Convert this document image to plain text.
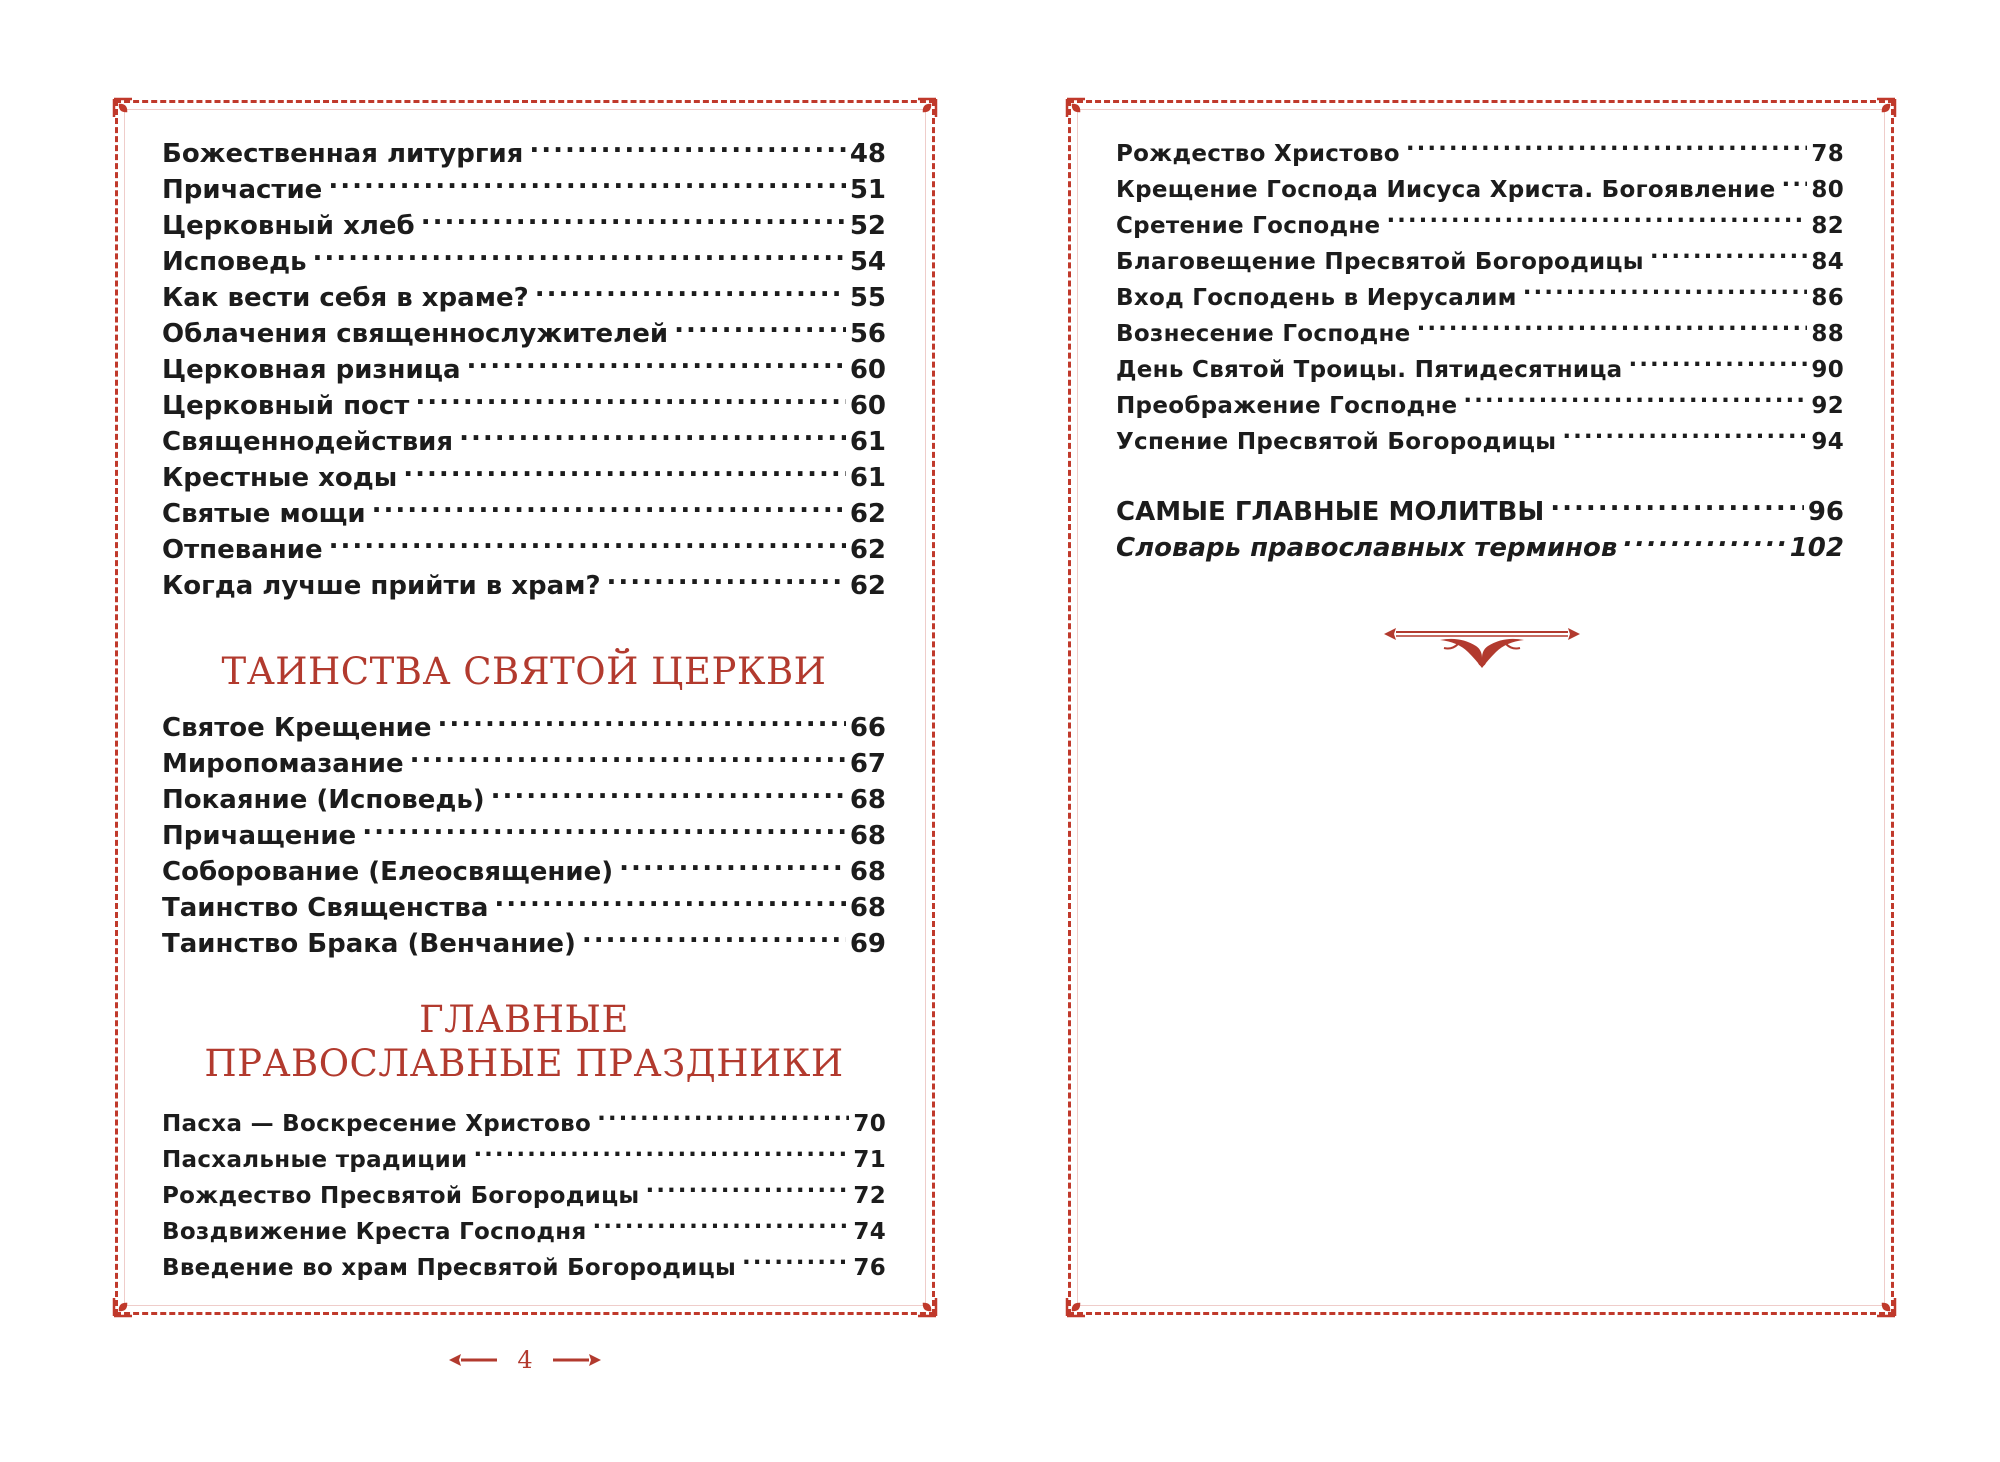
Божественная литургия .....	48
Причастие .....	51
Церковный хлеб .....	52
Исповедь .....	54
Как вести себя в храме? .....	55
Облачения священнослужителей .....	56
Церковная ризница .....	60
Церковный пост .....	60
Священнодействия .....	61
Крестные ходы .....	61
Святые мощи .....	62
Отпевание .....	62
Когда лучше прийти в храм? .....	62
ТАИНСТВА СВЯТОЙ ЦЕРКВИ
Святое Крещение .....	66
Миропомазание .....	67
Покаяние (Исповедь) .....	68
Причащение .....	68
Соборование (Елеосвящение) .....	68
Таинство Священства .....	68
Таинство Брака (Венчание) .....	69
ГЛАВНЫЕ
ПРАВОСЛАВНЫЕ ПРАЗДНИКИ
Пасха — Воскресение Христово .....	70
Пасхальные традиции .....	71
Рождество Пресвятой Богородицы .....	72
Воздвижение Креста Господня .....	74
Введение во храм Пресвятой Богородицы .....	76
4
Рождество Христово .....	78
Крещение Господа Иисуса Христа. Богоявление ..... 80
Сретение Господне .....	82
Благовещение Пресвятой Богородицы .....	84
Вход Господень в Иерусалим .....	86
Вознесение Господне .....	88
День Святой Троицы. Пятидесятница .....	90
Преображение Господне .....	92
Успение Пресвятой Богородицы .....	94
САМЫЕ ГЛАВНЫЕ МОЛИТВЫ .....	96
Словарь православных терминов .....	102
